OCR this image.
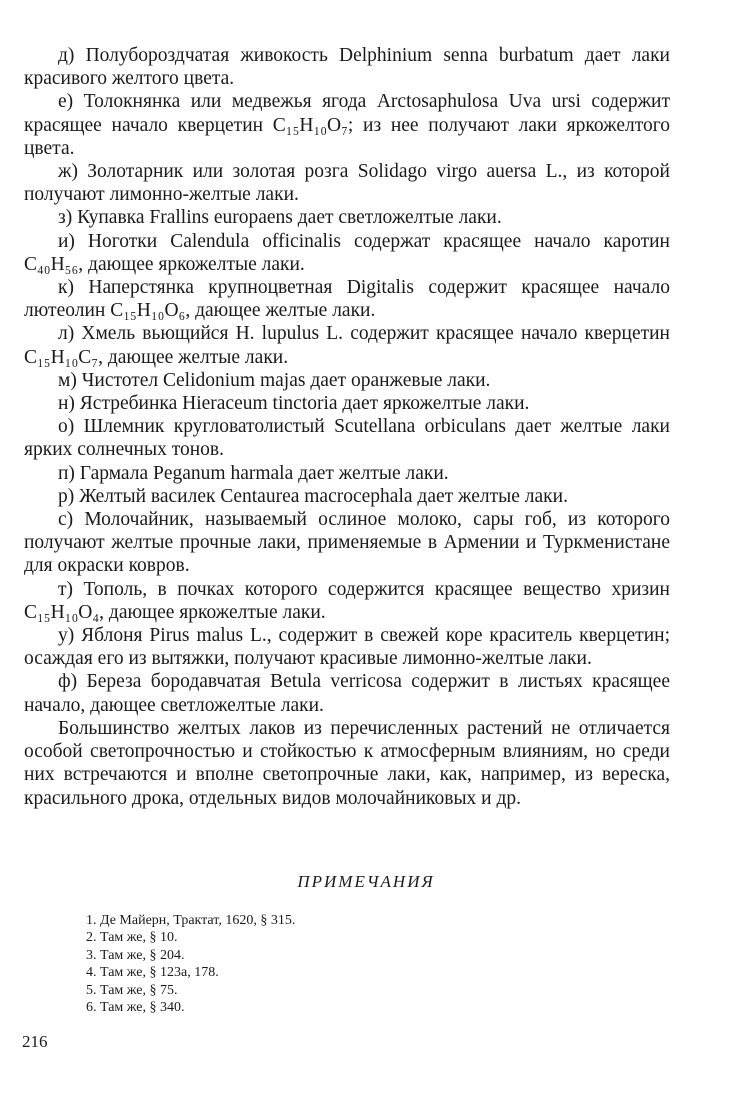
д) Полубороздчатая живокость Delphinium senna burbatum дает лаки красивого желтого цвета.

е) Толокнянка или медвежья ягода Arctosaphulosa Uva ursi содержит красящее начало кверцетин C₁₅H₁₀O₇; из нее получают лаки яркожелтого цвета.

ж) Золотарник или золотая розга Solidago virgo auersa L., из которой получают лимонно-желтые лаки.

з) Купавка Frallins europaens дает светложелтые лаки.

и) Ноготки Calendula officinalis содержат красящее начало каротин C₄₀H₅₆, дающее яркожелтые лаки.

к) Наперстянка крупноцветная Digitalis содержит красящее начало лютеолин C₁₅H₁₀O₆, дающее желтые лаки.

л) Хмель вьющийся H. lupulus L. содержит красящее начало кверцетин C₁₅H₁₀C₇, дающее желтые лаки.

м) Чистотел Celidonium majas дает оранжевые лаки.

н) Ястребинка Hieraceum tinctoria дает яркожелтые лаки.

о) Шлемник кругловатолистый Scutellana orbiculans дает желтые лаки ярких солнечных тонов.

п) Гармала Peganum harmala дает желтые лаки.

р) Желтый василек Centaurea macrocephala дает желтые лаки.

с) Молочайник, называемый ослиное молоко, сары гоб, из которого получают желтые прочные лаки, применяемые в Армении и Туркменистане для окраски ковров.

т) Тополь, в почках которого содержится красящее вещество хризин C₁₅H₁₀O₄, дающее яркожелтые лаки.

у) Яблоня Pirus malus L., содержит в свежей коре краситель кверцетин; осаждая его из вытяжки, получают красивые лимонно-желтые лаки.

ф) Береза бородавчатая Betula verricosa содержит в листьях красящее начало, дающее светложелтые лаки.

Большинство желтых лаков из перечисленных растений не отличается особой светопрочностью и стойкостью к атмосферным влияниям, но среди них встречаются и вполне светопрочные лаки, как, например, из вереска, красильного дрока, отдельных видов молочайниковых и др.

ПРИМЕЧАНИЯ
1. Де Майерн, Трактат, 1620, § 315.
2. Там же, § 10.
3. Там же, § 204.
4. Там же, § 123а, 178.
5. Там же, § 75.
6. Там же, § 340.
216
